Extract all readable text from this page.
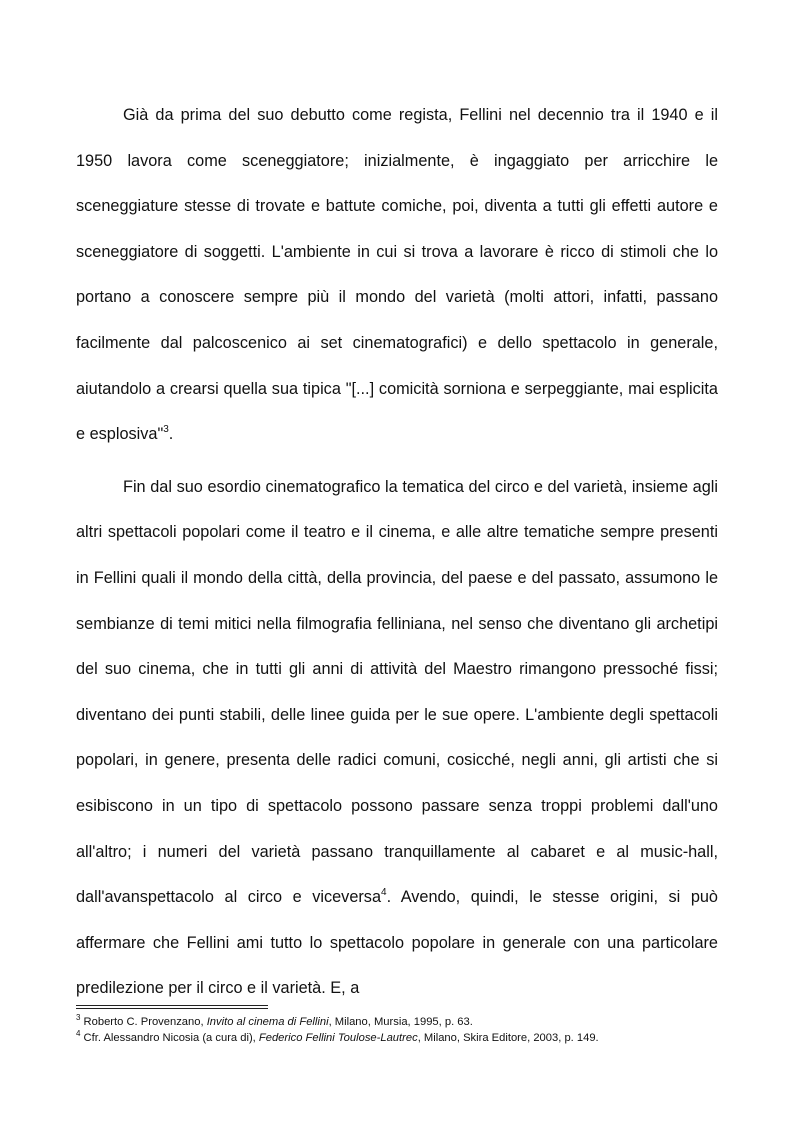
Già da prima del suo debutto come regista, Fellini nel decennio tra il 1940 e il 1950 lavora come sceneggiatore; inizialmente, è ingaggiato per arricchire le sceneggiature stesse di trovate e battute comiche, poi, diventa a tutti gli effetti autore e sceneggiatore di soggetti. L'ambiente in cui si trova a lavorare è ricco di stimoli che lo portano a conoscere sempre più il mondo del varietà (molti attori, infatti, passano facilmente dal palcoscenico ai set cinematografici) e dello spettacolo in generale, aiutandolo a crearsi quella sua tipica "[...] comicità sorniona e serpeggiante, mai esplicita e esplosiva"$^3$.

Fin dal suo esordio cinematografico la tematica del circo e del varietà, insieme agli altri spettacoli popolari come il teatro e il cinema, e alle altre tematiche sempre presenti in Fellini quali il mondo della città, della provincia, del paese e del passato, assumono le sembianze di temi mitici nella filmografia felliniana, nel senso che diventano gli archetipi del suo cinema, che in tutti gli anni di attività del Maestro rimangono pressoché fissi; diventano dei punti stabili, delle linee guida per le sue opere. L'ambiente degli spettacoli popolari, in genere, presenta delle radici comuni, cosicché, negli anni, gli artisti che si esibiscono in un tipo di spettacolo possono passare senza troppi problemi dall'uno all'altro; i numeri del varietà passano tranquillamente al cabaret e al music-hall, dall'avanspettacolo al circo e viceversa$^4$. Avendo, quindi, le stesse origini, si può affermare che Fellini ami tutto lo spettacolo popolare in generale con una particolare predilezione per il circo e il varietà. E, a

$^3$ Roberto C. Provenzano, Invito al cinema di Fellini, Milano, Mursia, 1995, p. 63.

$^4$ Cfr. Alessandro Nicosia (a cura di), Federico Fellini Toulose-Lautrec, Milano, Skira Editore, 2003, p. 149.
